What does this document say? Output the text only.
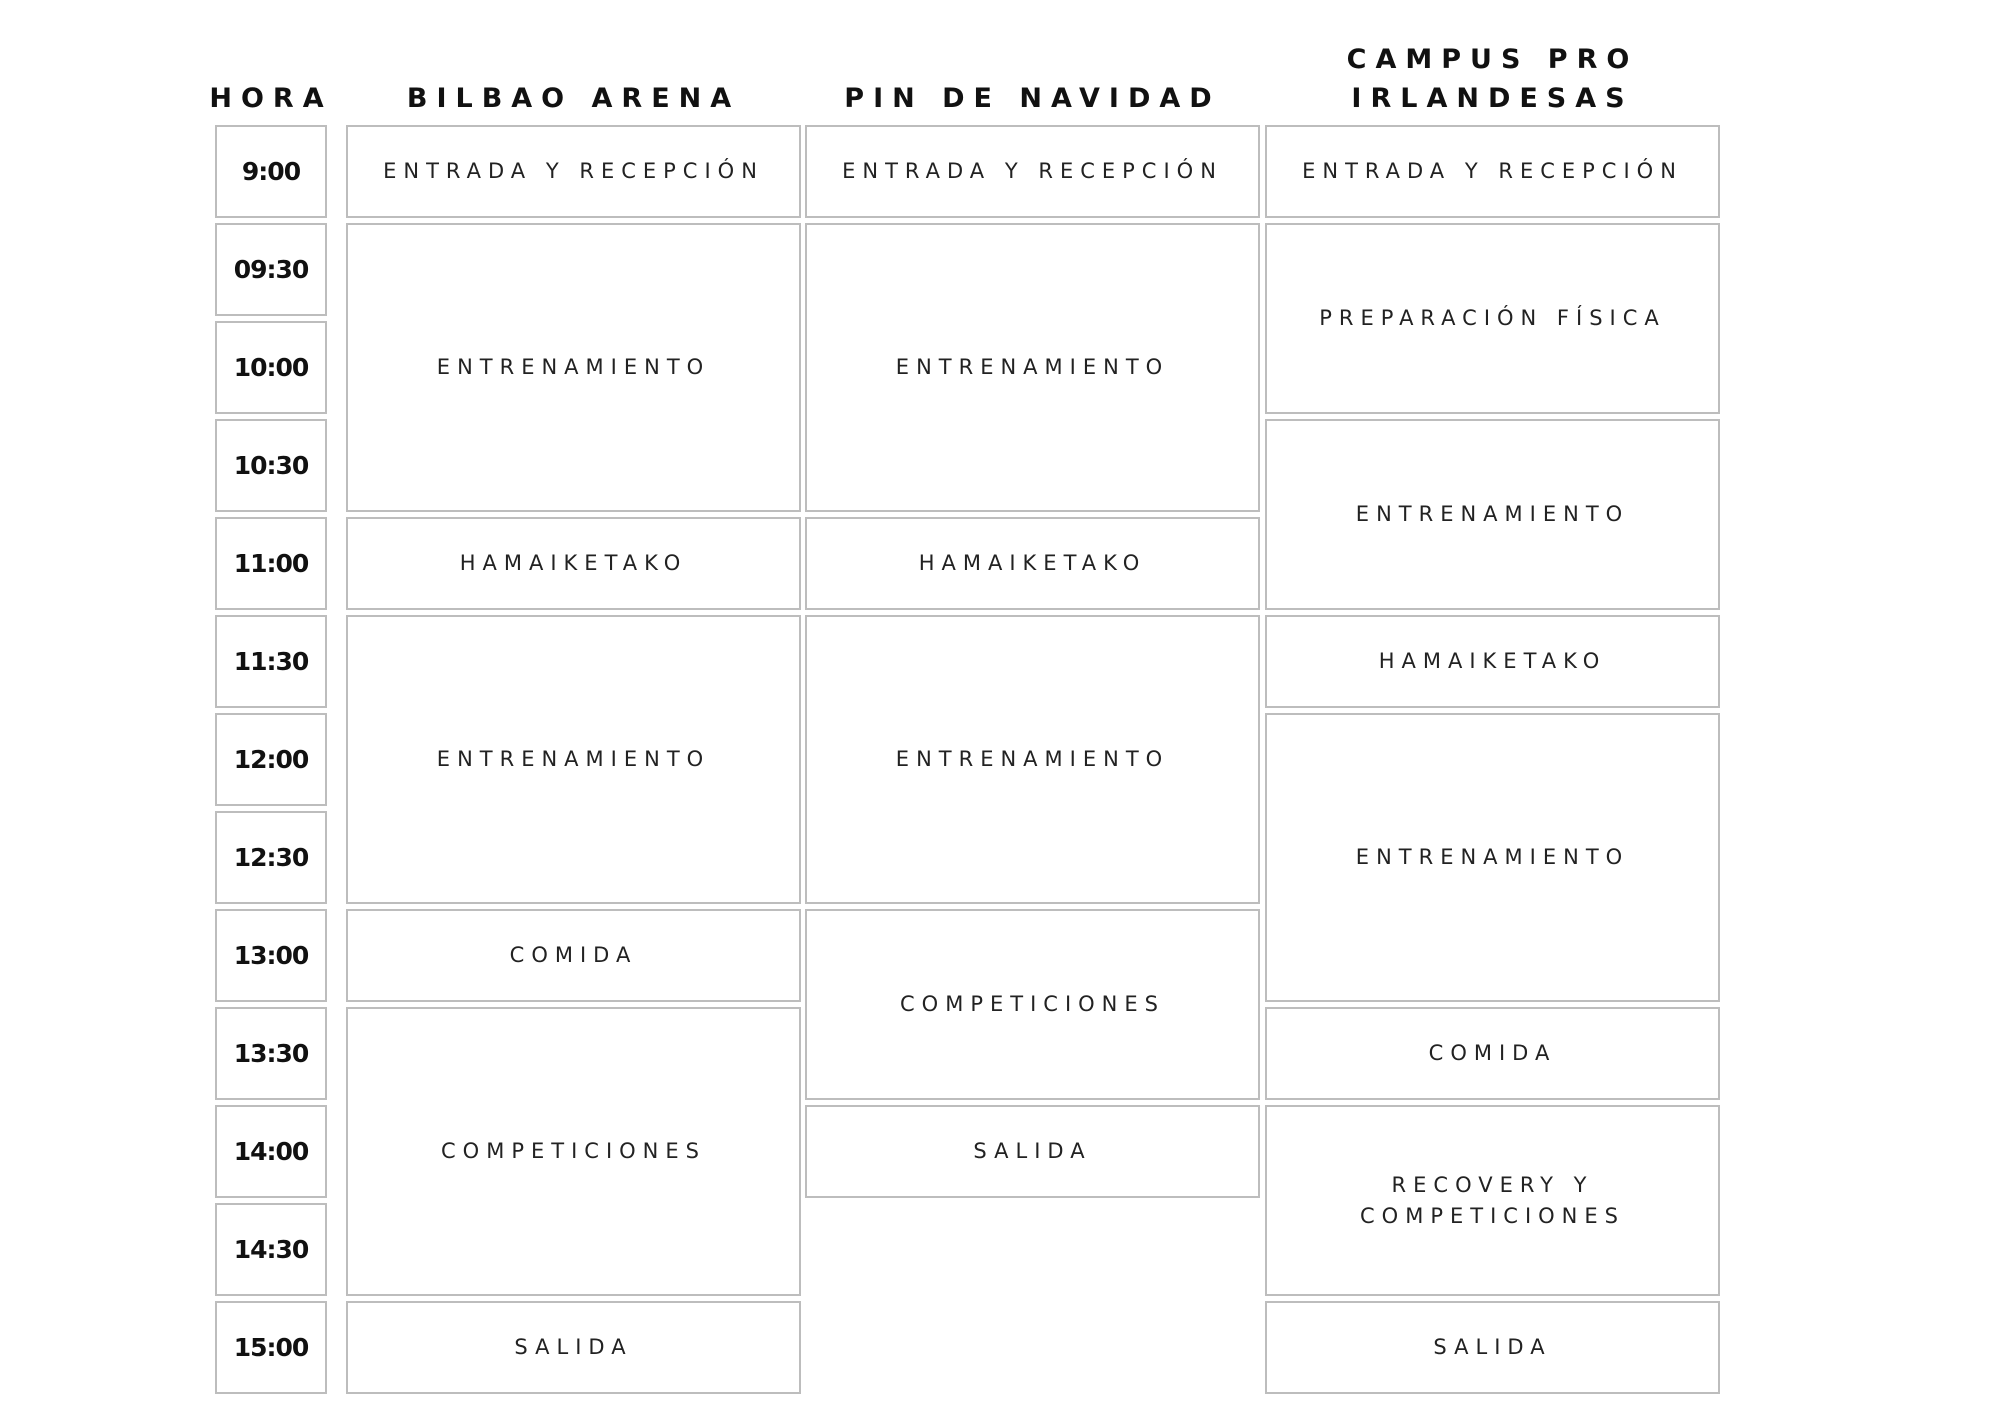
HORA	BILBAO ARENA	PIN DE NAVIDAD
CAMPUS PRO IRLANDESAS
9:00
09:30
10:00
10:30
11:00
11:30
12:00
12:30
13:00
13:30
14:00
14:30
15:00
ENTRADA Y RECEPCIÓN
ENTRENAMIENTO
HAMAIKETAKO
ENTRENAMIENTO
COMIDA
COMPETICIONES
SALIDA
ENTRADA Y RECEPCIÓN
ENTRENAMIENTO
HAMAIKETAKO
ENTRENAMIENTO
COMPETICIONES
SALIDA
ENTRADA Y RECEPCIÓN
PREPARACIÓN FÍSICA
ENTRENAMIENTO
HAMAIKETAKO
ENTRENAMIENTO
COMIDA
RECOVERY Y COMPETICIONES
SALIDA
